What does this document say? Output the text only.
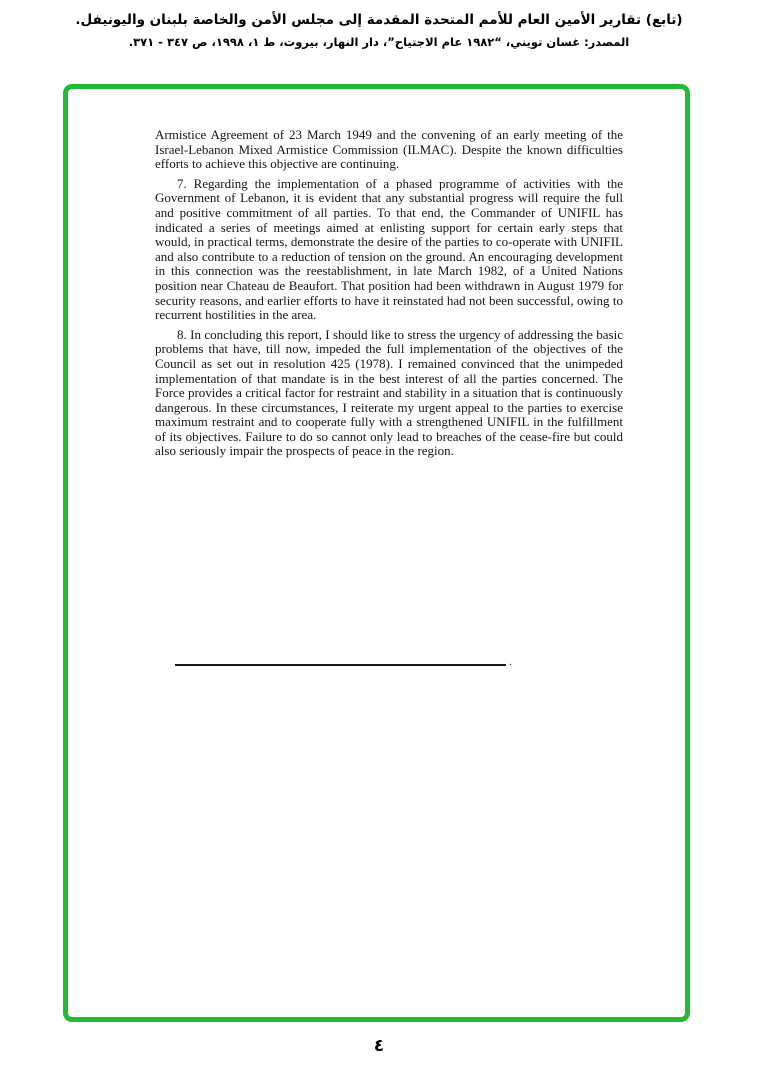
(تابع) تقارير الأمين العام للأمم المتحدة المقدمة إلى مجلس الأمن والخاصة بلبنان واليونيفل.
المصدر: غسان تويني، “١٩٨٢ عام الاجتياح”، دار النهار، بيروت، ط ١، ١٩٩٨، ص ٣٤٧ - ٣٧١.

Armistice Agreement of 23 March 1949 and the convening of an early meeting of the Israel-Lebanon Mixed Armistice Commission (ILMAC). Despite the known difficulties efforts to achieve this objective are continuing.

7. Regarding the implementation of a phased programme of activities with the Government of Lebanon, it is evident that any substantial progress will require the full and positive commitment of all parties. To that end, the Commander of UNIFIL has indicated a series of meetings aimed at enlisting support for certain early steps that would, in practical terms, demonstrate the desire of the parties to co-operate with UNIFIL and also contribute to a reduction of tension on the ground. An encouraging development in this connection was the reestablishment, in late March 1982, of a United Nations position near Chateau de Beaufort. That position had been withdrawn in August 1979 for security reasons, and earlier efforts to have it reinstated had not been successful, owing to recurrent hostilities in the area.

8. In concluding this report, I should like to stress the urgency of addressing the basic problems that have, till now, impeded the full implementation of the objectives of the Council as set out in resolution 425 (1978). I remained convinced that the unimpeded implementation of that mandate is in the best interest of all the parties concerned. The Force provides a critical factor for restraint and stability in a situation that is continuously dangerous. In these circumstances, I reiterate my urgent appeal to the parties to exercise maximum restraint and to cooperate fully with a strengthened UNIFIL in the fulfillment of its objectives. Failure to do so cannot only lead to breaches of the cease-fire but could also seriously impair the prospects of peace in the region.

.
٤
